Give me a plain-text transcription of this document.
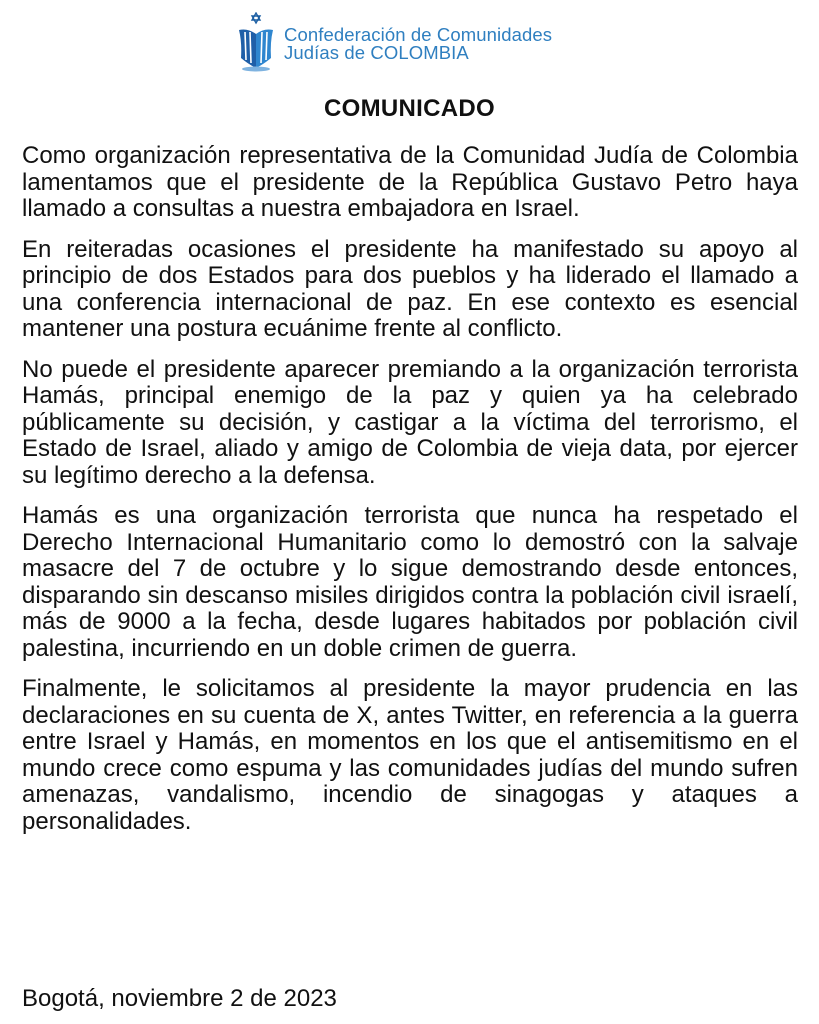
Confederación de Comunidades
Judías de COLOMBIA
COMUNICADO

Como organización representativa de la Comunidad Judía de Colombia lamentamos que el presidente de la República Gustavo Petro haya llamado a consultas a nuestra embajadora en Israel.

En reiteradas ocasiones el presidente ha manifestado su apoyo al principio de dos Estados para dos pueblos y ha liderado el llamado a una conferencia internacional de paz. En ese contexto es esencial mantener una postura ecuánime frente al conflicto.

No puede el presidente aparecer premiando a la organización terrorista Hamás, principal enemigo de la paz y quien ya ha celebrado públicamente su decisión, y castigar a la víctima del terrorismo, el Estado de Israel, aliado y amigo de Colombia de vieja data, por ejercer su legítimo derecho a la defensa.

Hamás es una organización terrorista que nunca ha respetado el Derecho Internacional Humanitario como lo demostró con la salvaje masacre del 7 de octubre y lo sigue demostrando desde entonces, disparando sin descanso misiles dirigidos contra la población civil israelí, más de 9000 a la fecha, desde lugares habitados por población civil palestina, incurriendo en un doble crimen de guerra.

Finalmente, le solicitamos al presidente la mayor prudencia en las declaraciones en su cuenta de X, antes Twitter, en referencia a la guerra entre Israel y Hamás, en momentos en los que el antisemitismo en el mundo crece como espuma y las comunidades judías del mundo sufren amenazas, vandalismo, incendio de sinagogas y ataques a personalidades.

Bogotá, noviembre 2 de 2023
